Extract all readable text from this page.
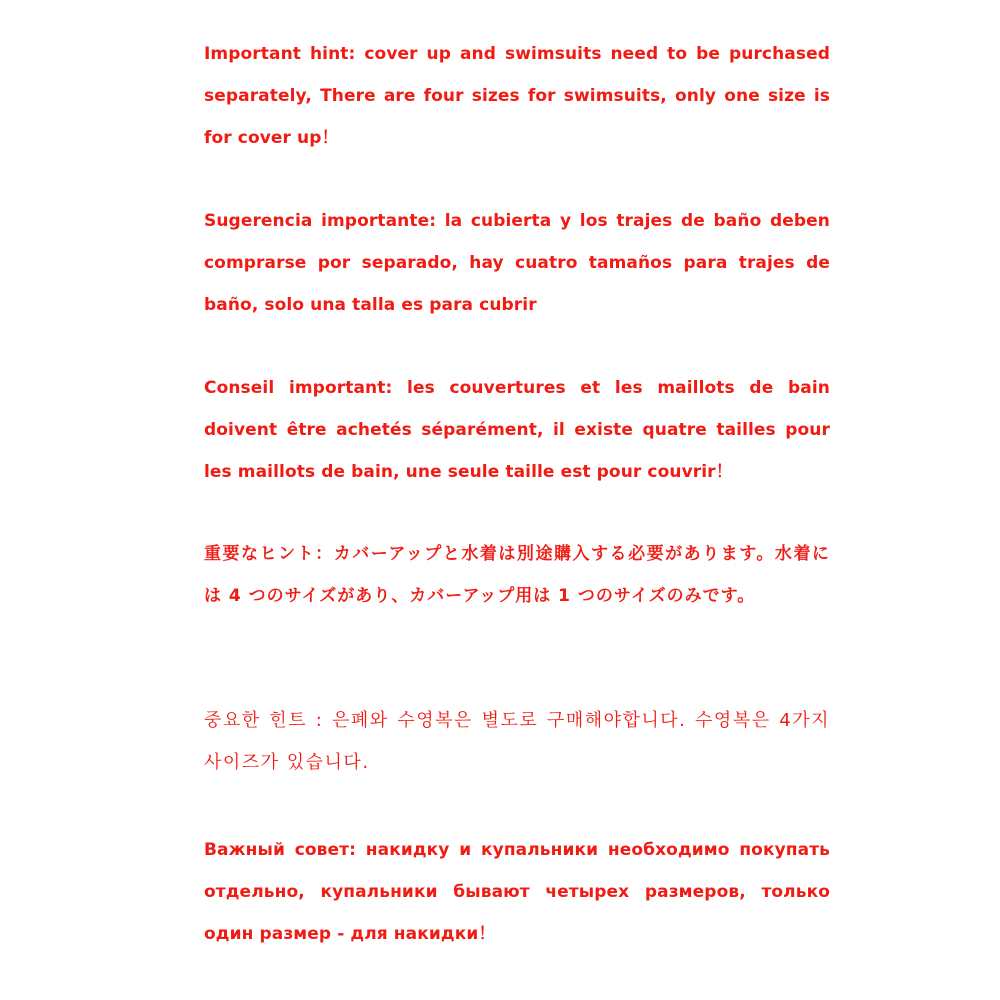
Important hint: cover up and swimsuits need to be purchased separately, There are four sizes for swimsuits, only one size is for cover up！

Sugerencia importante: la cubierta y los trajes de baño deben comprarse por separado, hay cuatro tamaños para trajes de baño, solo una talla es para cubrir

Conseil important: les couvertures et les maillots de bain doivent être achetés séparément, il existe quatre tailles pour les maillots de bain, une seule taille est pour couvrir！

重要なヒント：カバーアップと水着は別途購入する必要があります。水着には 4 つのサイズがあり、カバーアップ用は 1 つのサイズのみです。

중요한 힌트 : 은폐와 수영복은 별도로 구매해야합니다. 수영복은 4가지 사이즈가 있습니다.

Важный совет: накидку и купальники необходимо покупать отдельно, купальники бывают четырех размеров, только один размер - для накидки！
